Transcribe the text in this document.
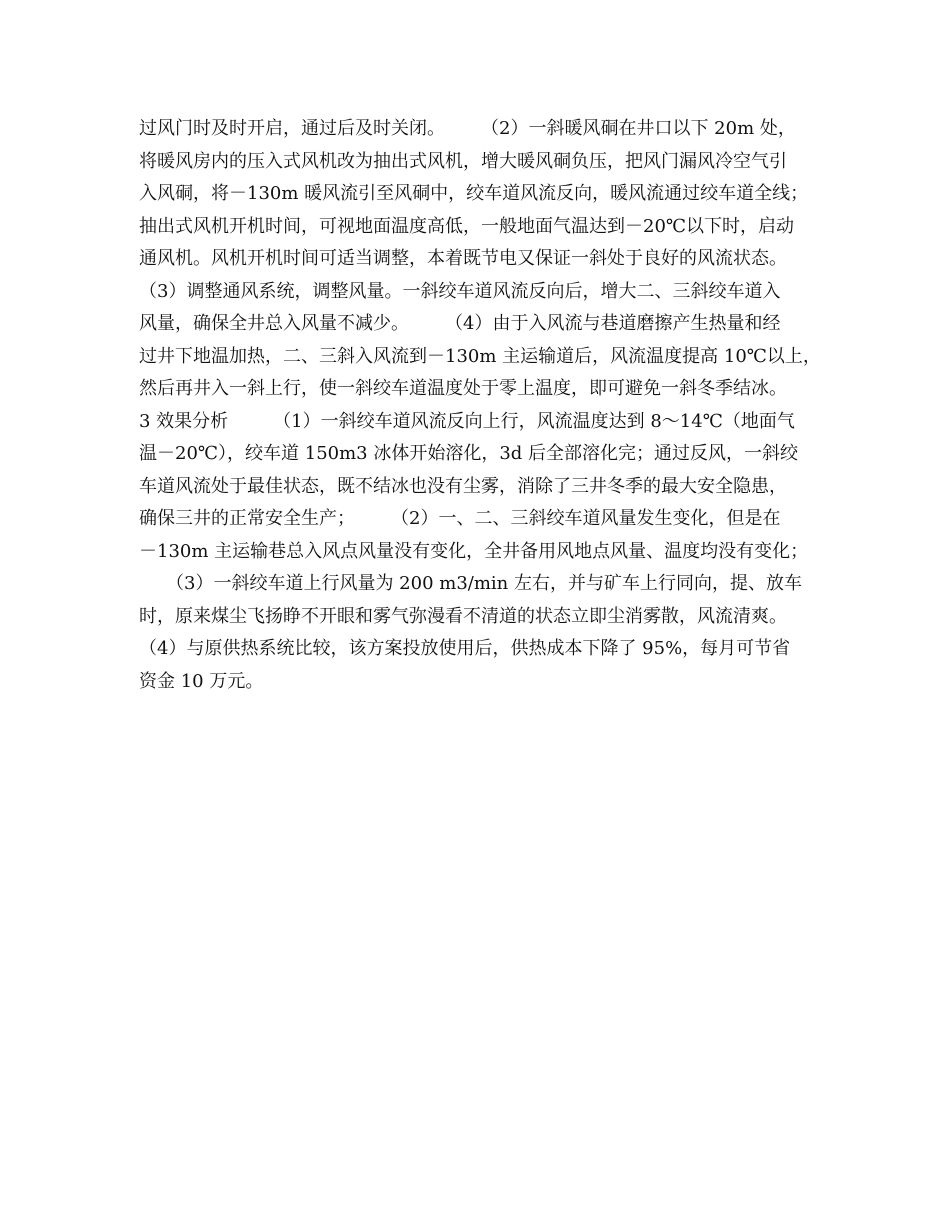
过风门时及时开启，通过后及时关闭。　　　（2）一斜暖风硐在井口以下 20m 处，
将暖风房内的压入式风机改为抽出式风机，增大暖风硐负压，把风门漏风冷空气引
入风硐，将－130m 暖风流引至风硐中，绞车道风流反向，暖风流通过绞车道全线；
抽出式风机开机时间，可视地面温度高低，一般地面气温达到－20℃以下时，启动
通风机。风机开机时间可适当调整，本着既节电又保证一斜处于良好的风流状态。
（3）调整通风系统，调整风量。一斜绞车道风流反向后，增大二、三斜绞车道入
风量，确保全井总入风量不减少。　　　（4）由于入风流与巷道磨擦产生热量和经
过井下地温加热，二、三斜入风流到－130m 主运输道后，风流温度提高 10℃以上，
然后再井入一斜上行，使一斜绞车道温度处于零上温度，即可避免一斜冬季结冰。
3 效果分析　　　（1）一斜绞车道风流反向上行，风流温度达到 8～14℃（地面气
温－20℃），绞车道 150m3 冰体开始溶化，3d 后全部溶化完；通过反风，一斜绞
车道风流处于最佳状态，既不结冰也没有尘雾，消除了三井冬季的最大安全隐患，
确保三井的正常安全生产；　　　（2）一、二、三斜绞车道风量发生变化，但是在
－130m 主运输巷总入风点风量没有变化，全井备用风地点风量、温度均没有变化；
　　（3）一斜绞车道上行风量为 200 m3/min 左右，并与矿车上行同向，提、放车
时，原来煤尘飞扬睁不开眼和雾气弥漫看不清道的状态立即尘消雾散，风流清爽。
（4）与原供热系统比较，该方案投放使用后，供热成本下降了 95%，每月可节省
资金 10 万元。
